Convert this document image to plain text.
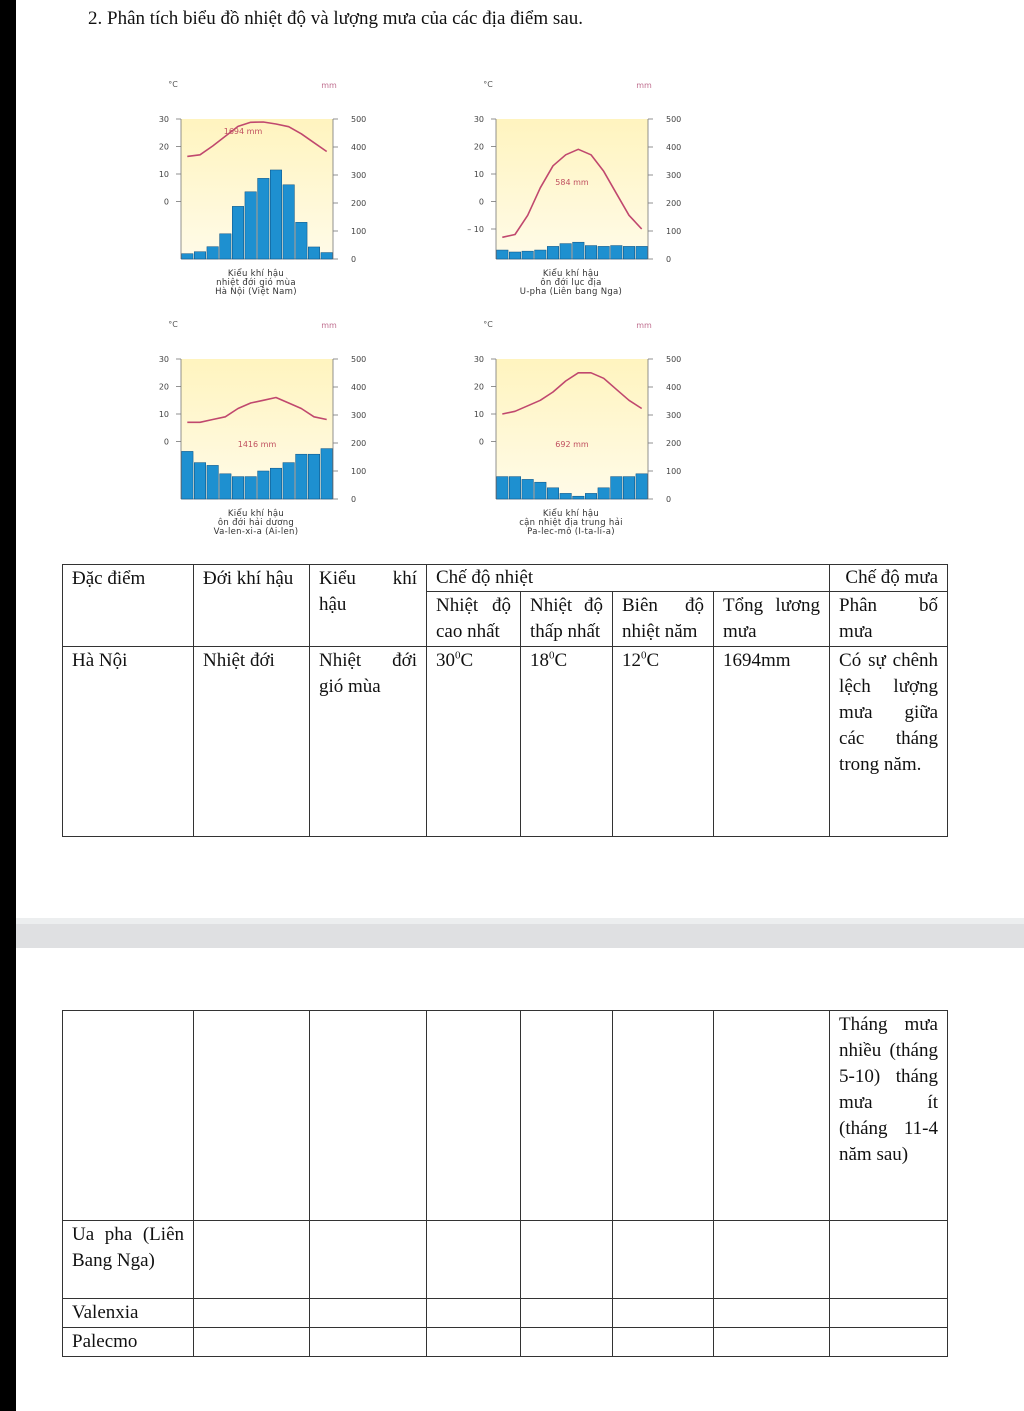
2. Phân tích biểu đồ nhiệt độ và lượng mưa của các địa điểm sau.
°C	mm
30
20
10
0
500
400
300
200
100
0
1694 mm
Kiểu khí hậu
nhiệt đới gió mùa
Hà Nội (Việt Nam)
°C	mm
30
20
10
0
– 10
500
400
300
200
100
0
584 mm
Kiểu khí hậu
ôn đới lục địa
U-pha (Liên bang Nga)
°C	mm
30
20
10
0
500
400
300
200
100
0
1416 mm
Kiểu khí hậu
ôn đới hải dương
Va-len-xi-a (Ai-len)
°C	mm
30
20
10
0
500
400
300
200
100
0
692 mm
Kiểu khí hậu
cận nhiệt địa trung hải
Pa-lec-mô (I-ta-li-a)
Đặc điểm	Đới khí hậu	Kiểu khí hậu	Chế độ nhiệt				Chế độ mưa
			Nhiệt độ cao nhất	Nhiệt độ thấp nhất	Biên độ nhiệt năm	Tổng lương mưa	Phân bố mưa
Hà Nội	Nhiệt đới	Nhiệt đới gió mùa	$30^0C$	$18^0C$	$12^0C$	1694mm	Có sự chênh lệch lượng mưa giữa các tháng trong năm.
							Tháng mưa nhiều (tháng 5-10) tháng mưa ít (tháng 11-4 năm sau)
Ua pha (Liên Bang Nga)							
Valenxia							
Palecmo							
